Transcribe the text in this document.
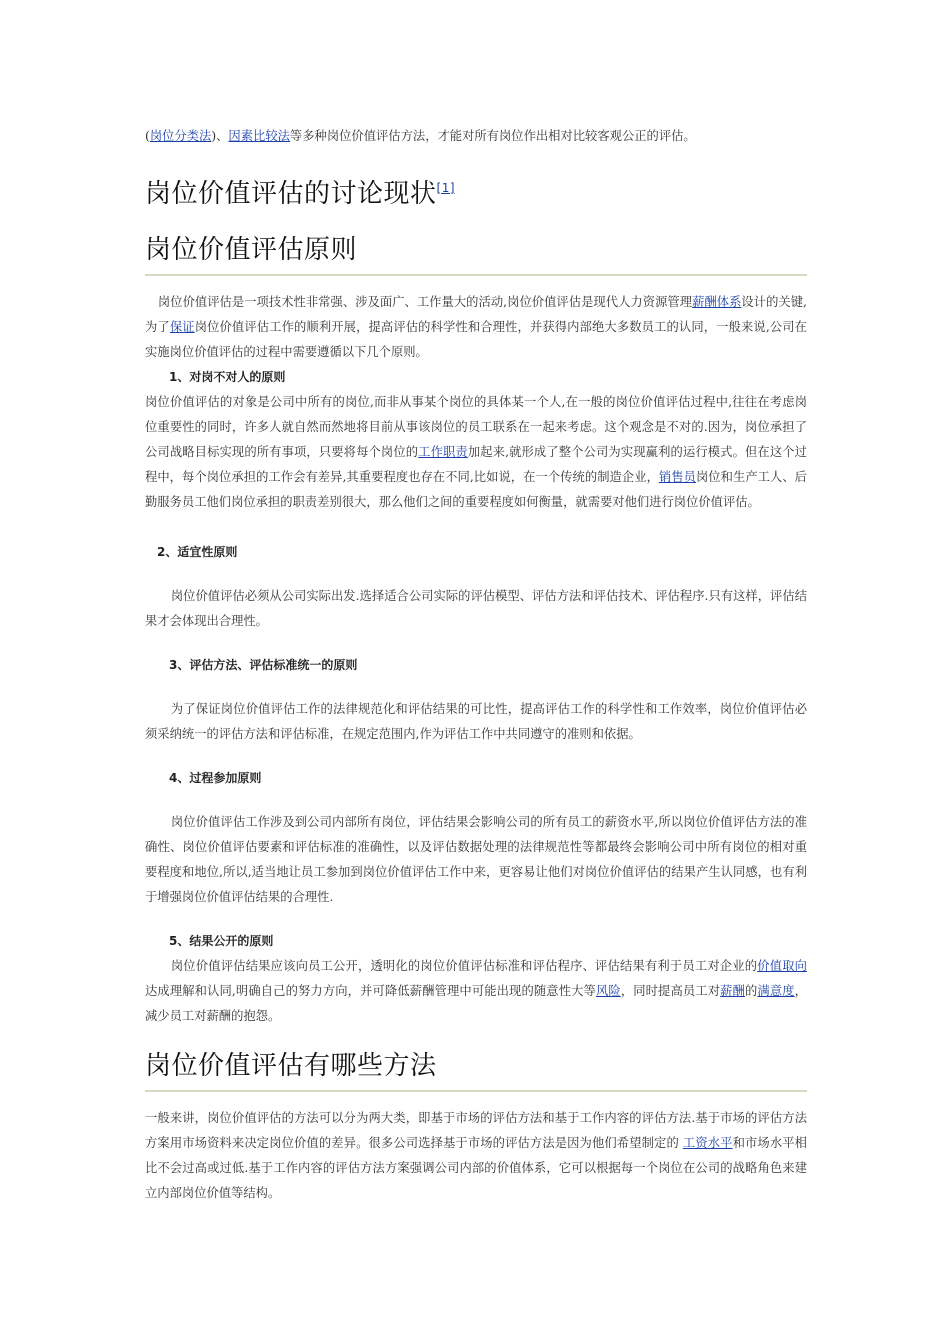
(岗位分类法)、因素比较法等多种岗位价值评估方法，才能对所有岗位作出相对比较客观公正的评估。

岗位价值评估的讨论现状[1]
岗位价值评估原则

岗位价值评估是一项技术性非常强、涉及面广、工作量大的活动,岗位价值评估是现代人力资源管理薪酬体系设计的关键,为了保证岗位价值评估工作的顺利开展，提高评估的科学性和合理性，并获得内部绝大多数员工的认同，一般来说,公司在实施岗位价值评估的过程中需要遵循以下几个原则。

1、对岗不对人的原则

岗位价值评估的对象是公司中所有的岗位,而非从事某个岗位的具体某一个人,在一般的岗位价值评估过程中,往往在考虑岗位重要性的同时，许多人就自然而然地将目前从事该岗位的员工联系在一起来考虑。这个观念是不对的.因为，岗位承担了公司战略目标实现的所有事项，只要将每个岗位的工作职责加起来,就形成了整个公司为实现赢利的运行模式。但在这个过程中，每个岗位承担的工作会有差异,其重要程度也存在不同,比如说，在一个传统的制造企业，销售员岗位和生产工人、后勤服务员工他们岗位承担的职责差别很大，那么他们之间的重要程度如何衡量，就需要对他们进行岗位价值评估。

2、适宜性原则

岗位价值评估必须从公司实际出发.选择适合公司实际的评估模型、评估方法和评估技术、评估程序.只有这样，评估结果才会体现出合理性。

3、评估方法、评估标准统一的原则

为了保证岗位价值评估工作的法律规范化和评估结果的可比性，提高评估工作的科学性和工作效率，岗位价值评估必须采纳统一的评估方法和评估标准，在规定范围内,作为评估工作中共同遵守的准则和依据。

4、过程参加原则

岗位价值评估工作涉及到公司内部所有岗位，评估结果会影响公司的所有员工的薪资水平,所以岗位价值评估方法的准确性、岗位价值评估要素和评估标准的准确性，以及评估数据处理的法律规范性等都最终会影响公司中所有岗位的相对重要程度和地位,所以,适当地让员工参加到岗位价值评估工作中来，更容易让他们对岗位价值评估的结果产生认同感，也有利于增强岗位价值评估结果的合理性.

5、结果公开的原则

岗位价值评估结果应该向员工公开，透明化的岗位价值评估标准和评估程序、评估结果有利于员工对企业的价值取向达成理解和认同,明确自己的努力方向，并可降低薪酬管理中可能出现的随意性大等风险，同时提高员工对薪酬的满意度，减少员工对薪酬的抱怨。

岗位价值评估有哪些方法

一般来讲，岗位价值评估的方法可以分为两大类，即基于市场的评估方法和基于工作内容的评估方法.基于市场的评估方法方案用市场资料来决定岗位价值的差异。很多公司选择基于市场的评估方法是因为他们希望制定的 工资水平和市场水平相比不会过高或过低.基于工作内容的评估方法方案强调公司内部的价值体系，它可以根据每一个岗位在公司的战略角色来建立内部岗位价值等结构。
